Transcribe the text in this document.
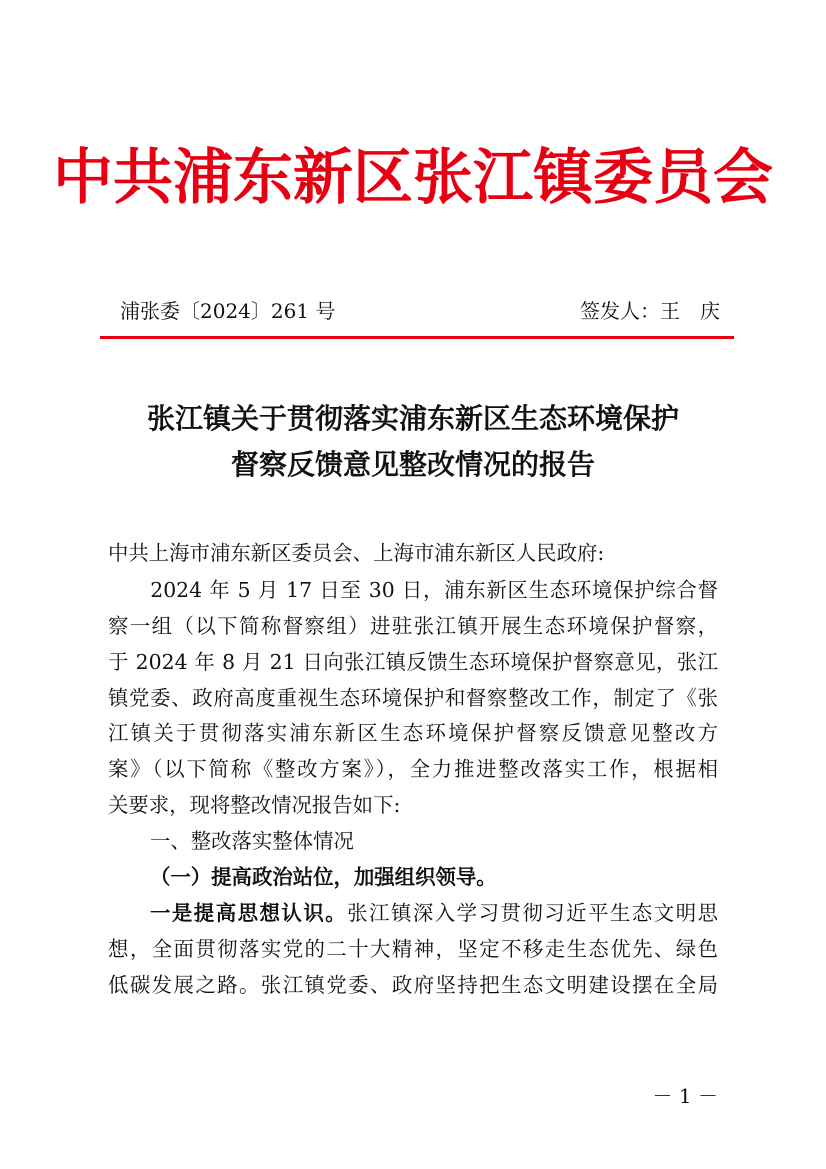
中共浦东新区张江镇委员会
浦张委〔2024〕261 号	签发人：王　庆
张江镇关于贯彻落实浦东新区生态环境保护
督察反馈意见整改情况的报告
中共上海市浦东新区委员会、上海市浦东新区人民政府:
　　2024 年 5 月 17 日至 30 日，浦东新区生态环境保护综合督
察一组（以下简称督察组）进驻张江镇开展生态环境保护督察，
于 2024 年 8 月 21 日向张江镇反馈生态环境保护督察意见，张江
镇党委、政府高度重视生态环境保护和督察整改工作，制定了《张
江镇关于贯彻落实浦东新区生态环境保护督察反馈意见整改方
案》（以下简称《整改方案》），全力推进整改落实工作，根据相
关要求，现将整改情况报告如下:
一、整改落实整体情况
（一）提高政治站位，加强组织领导。
一是提高思想认识。张江镇深入学习贯彻习近平生态文明思
想，全面贯彻落实党的二十大精神，坚定不移走生态优先、绿色
低碳发展之路。张江镇党委、政府坚持把生态文明建设摆在全局
－ 1 －
